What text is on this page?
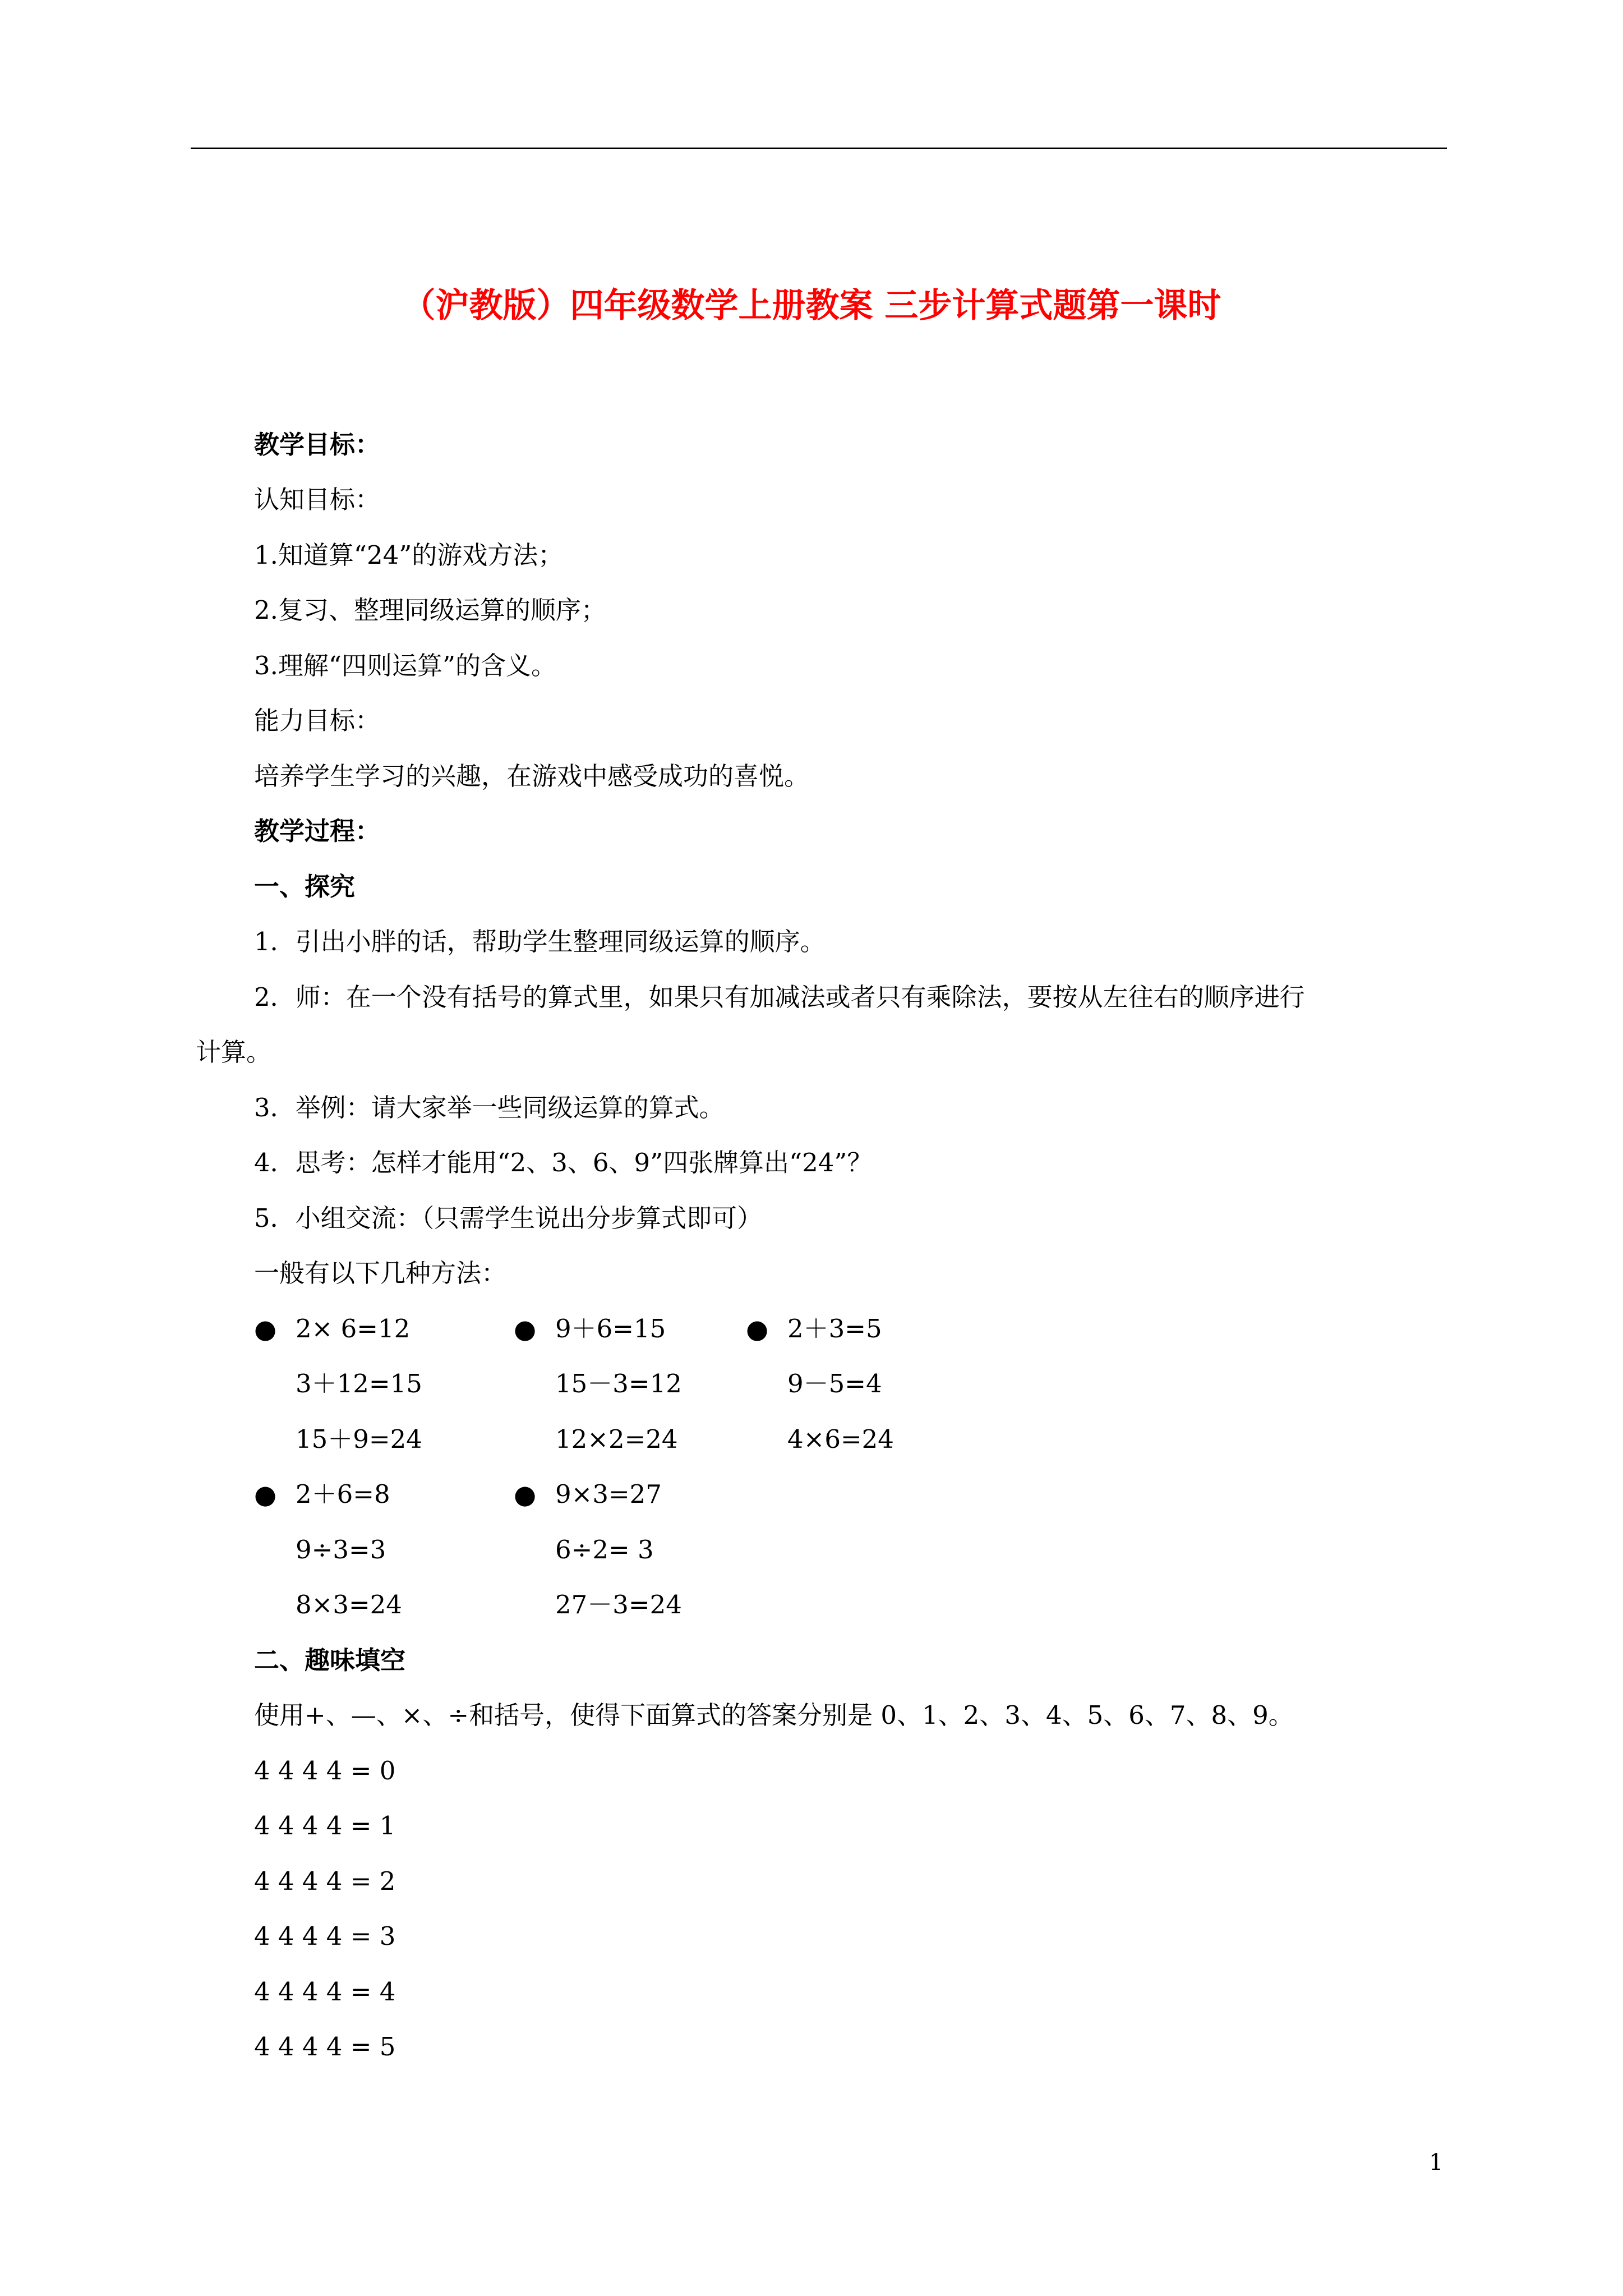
（沪教版）四年级数学上册教案 三步计算式题第一课时
教学目标：
认知目标：
1.知道算“24”的游戏方法；
2.复习、整理同级运算的顺序；
3.理解“四则运算”的含义。
能力目标：
培养学生学习的兴趣，在游戏中感受成功的喜悦。
教学过程：
一、探究
1．引出小胖的话，帮助学生整理同级运算的顺序。
2．师：在一个没有括号的算式里，如果只有加减法或者只有乘除法，要按从左往右的顺序进行
计算。
3．举例：请大家举一些同级运算的算式。
4．思考：怎样才能用“2、3、6、9”四张牌算出“24”？
5．小组交流：（只需学生说出分步算式即可）
一般有以下几种方法：
● 2× 6=12
3＋12=15
15＋9=24
● 9＋6=15
15－3=12
12×2=24
● 2＋3=5
9－5=4
4×6=24
● 2＋6=8
9÷3=3
8×3=24
● 9×3=27
6÷2= 3
27－3=24
二、趣味填空
使用+、—、×、÷和括号，使得下面算式的答案分别是 0、1、2、3、4、5、6、7、8、9。
4 4 4 4 = 0
4 4 4 4 = 1
4 4 4 4 = 2
4 4 4 4 = 3
4 4 4 4 = 4
4 4 4 4 = 5
1
